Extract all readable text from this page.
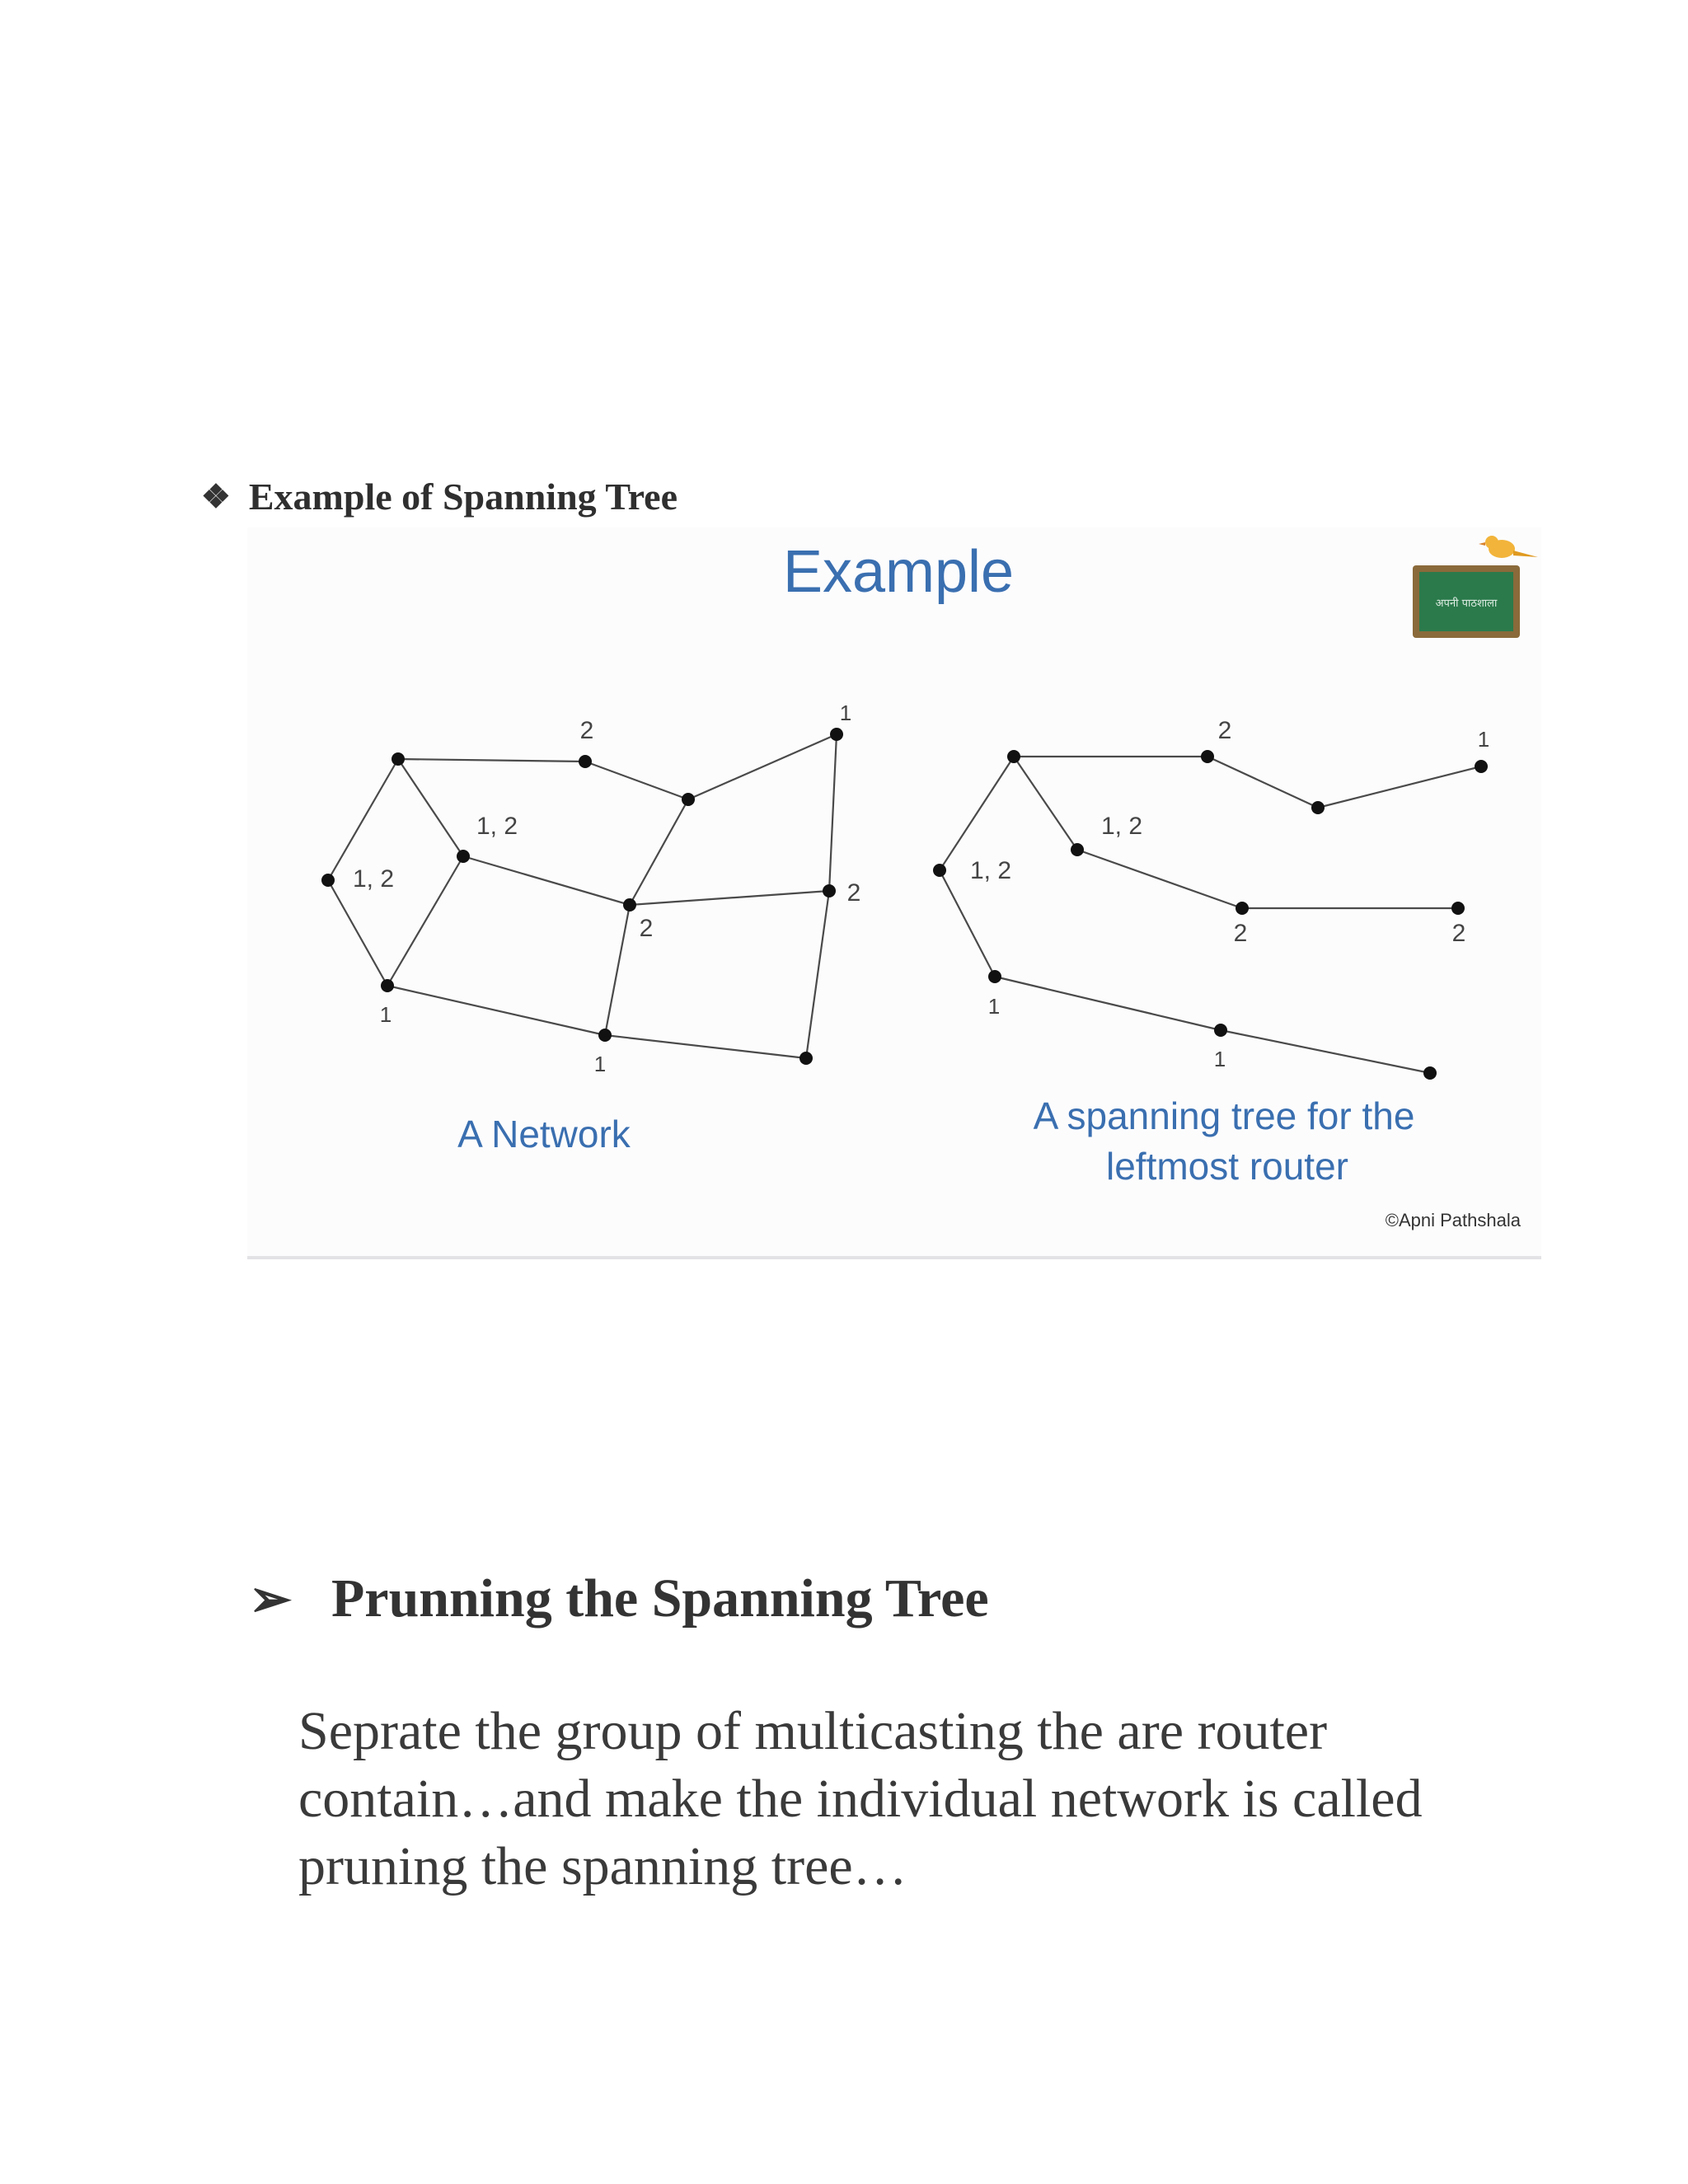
❖ Example of Spanning Tree
Example	अपनी पाठशाला
2
1
1, 2
1, 2
2
2
1
1
A Network
2	1
1, 2
1, 2
2	2
1
1
A spanning tree for the
leftmost router
©Apni Pathshala
➢ Prunning the Spanning Tree

Seprate the group of multicasting the are router
contain…and make the individual network is called
pruning the spanning tree…
